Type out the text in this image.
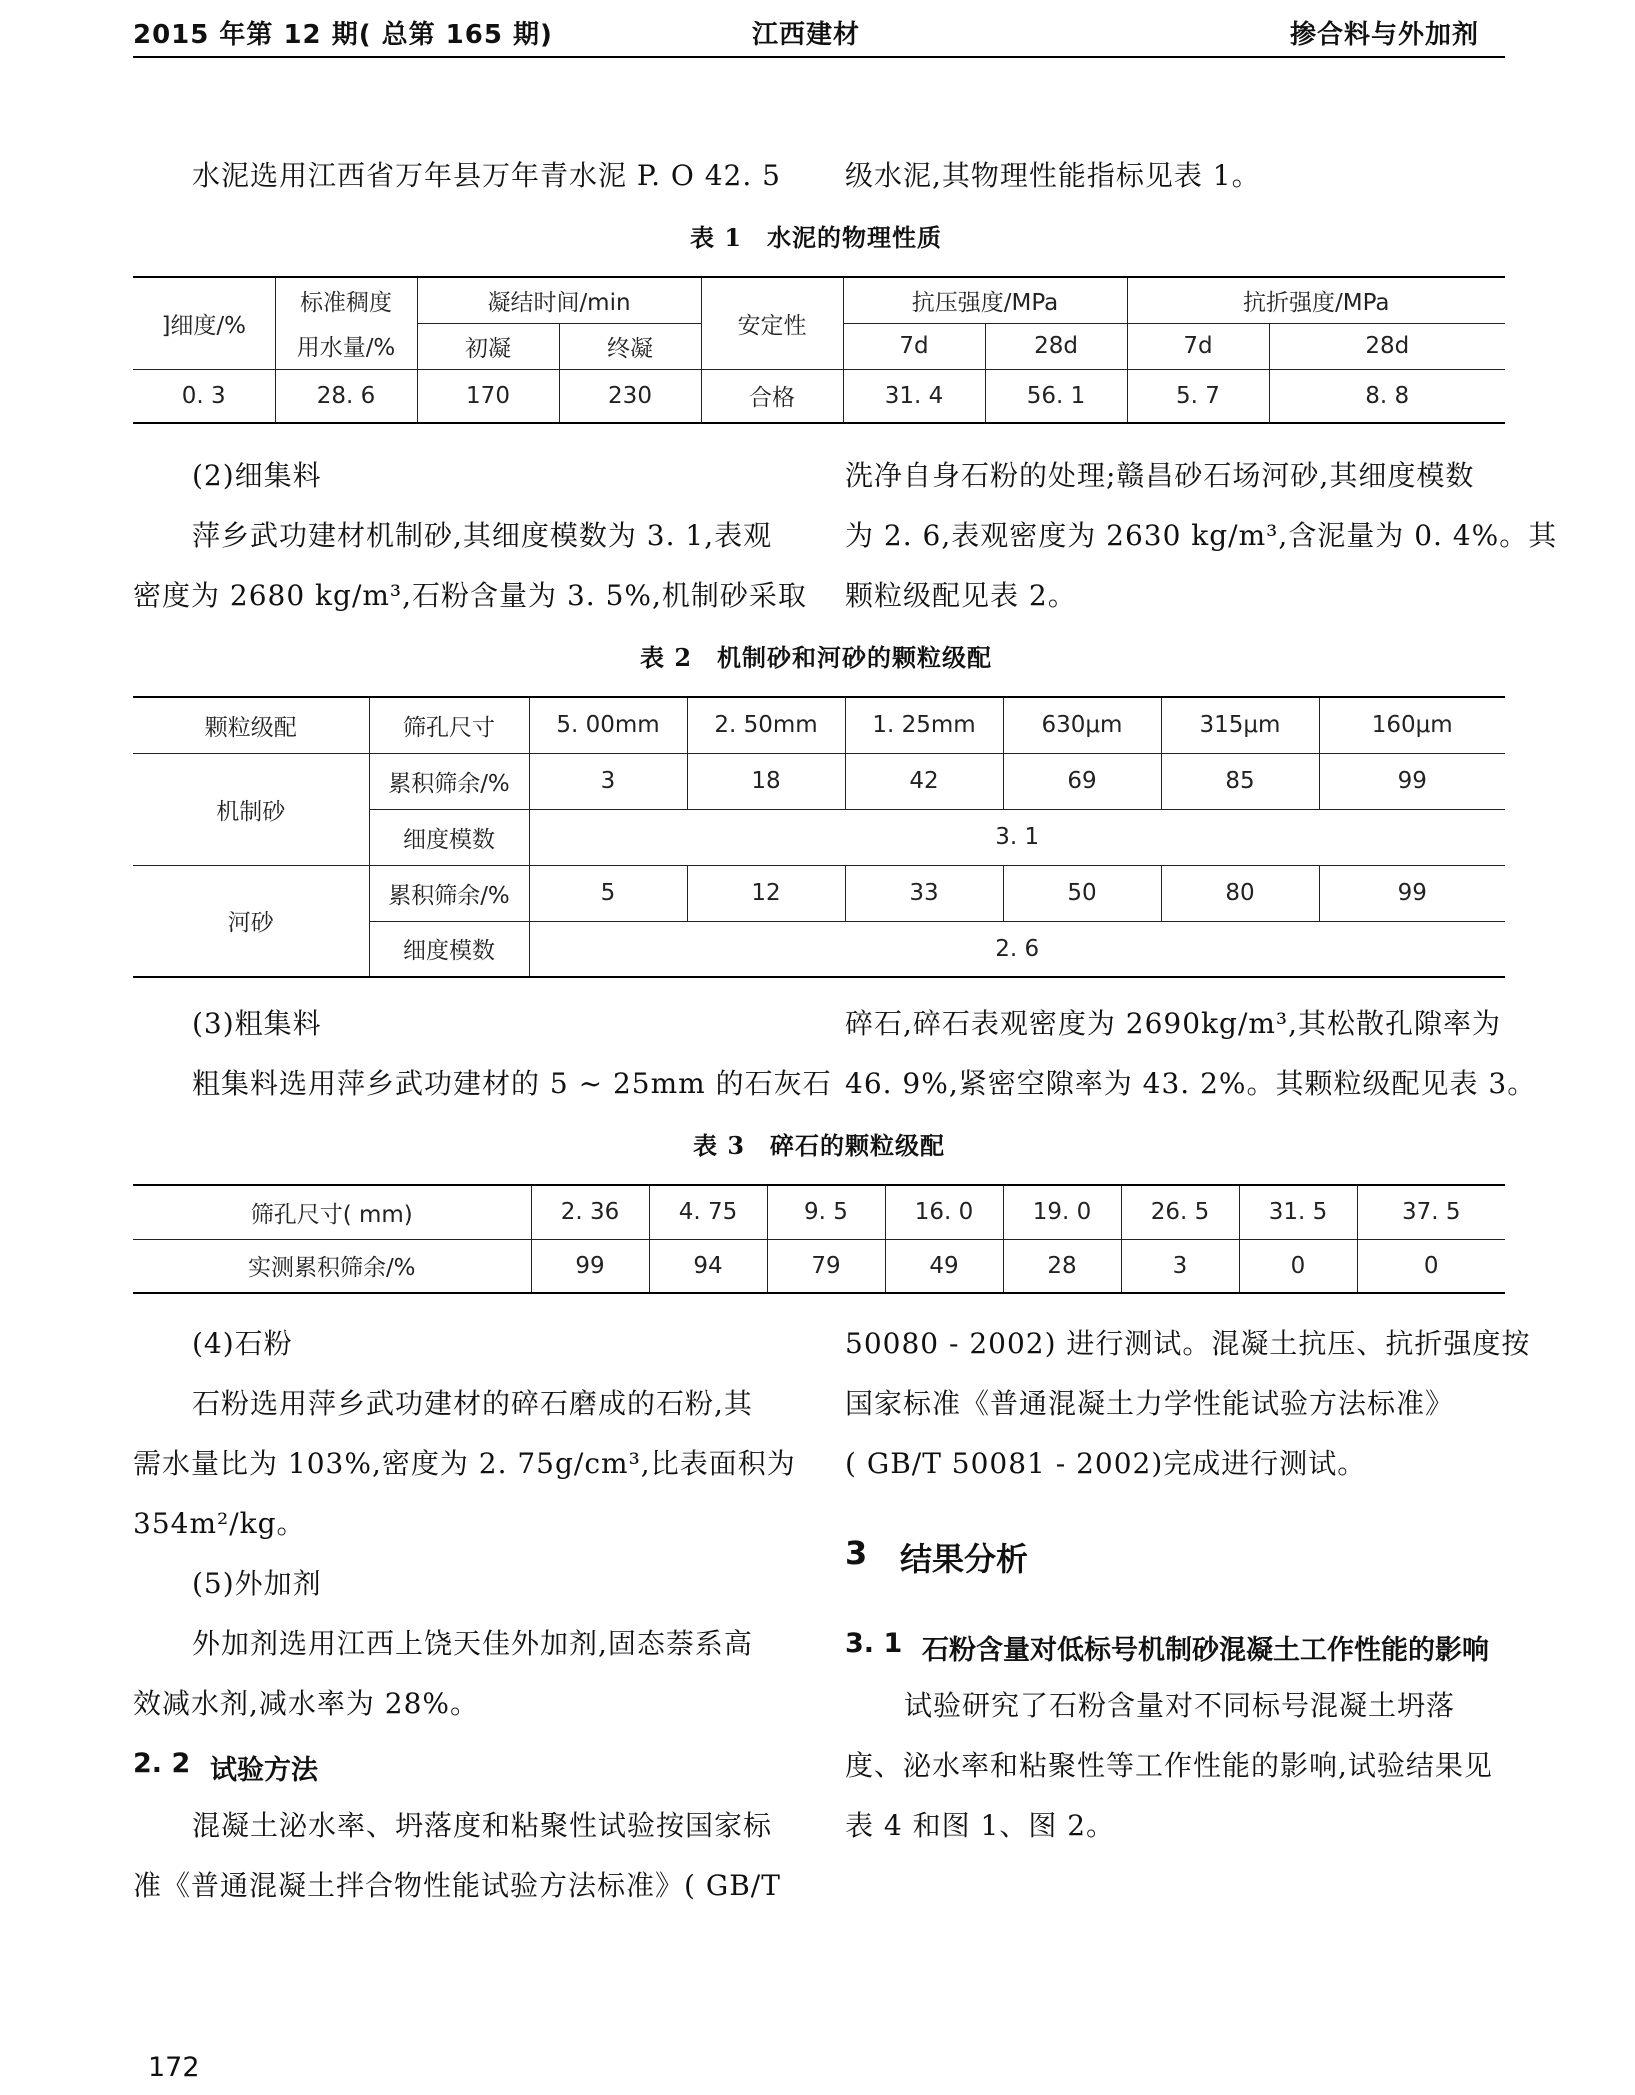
2015 年第 12 期( 总第 165 期)	江西建材	掺合料与外加剂
水泥选用江西省万年县万年青水泥 P. O 42. 5 级水泥,其物理性能指标见表 1。
表 1　水泥的物理性质
]细度/%	标准稠度	凝结时间/min		安定性	抗压强度/MPa		抗折强度/MPa	
	用水量/%	初凝	终凝		7d	28d	7d	28d
0. 3	28. 6	170	230	合格	31. 4	56. 1	5. 7	8. 8
(2)细集料
萍乡武功建材机制砂,其细度模数为 3. 1,表观
密度为 2680 kg/m³,石粉含量为 3. 5%,机制砂采取
洗净自身石粉的处理;赣昌砂石场河砂,其细度模数
为 2. 6,表观密度为 2630 kg/m³,含泥量为 0. 4%。其
颗粒级配见表 2。
表 2　机制砂和河砂的颗粒级配
颗粒级配	筛孔尺寸	5. 00mm	2. 50mm	1. 25mm	630μm	315μm	160μm
机制砂	累积筛余/%	3	18	42	69	85	99
	细度模数	3. 1					
河砂	累积筛余/%	5	12	33	50	80	99
	细度模数	2. 6					
(3)粗集料
粗集料选用萍乡武功建材的 5 ~ 25mm 的石灰石
碎石,碎石表观密度为 2690kg/m³,其松散孔隙率为
46. 9%,紧密空隙率为 43. 2%。其颗粒级配见表 3。
表 3　碎石的颗粒级配
筛孔尺寸( mm)	2. 36	4. 75	9. 5	16. 0	19. 0	26. 5	31. 5	37. 5
实测累积筛余/%	99	94	79	49	28	3	0	0
(4)石粉
石粉选用萍乡武功建材的碎石磨成的石粉,其
需水量比为 103%,密度为 2. 75g/cm³,比表面积为
354m²/kg。
(5)外加剂
外加剂选用江西上饶天佳外加剂,固态萘系高
效减水剂,减水率为 28%。
2. 2 试验方法
混凝土泌水率、坍落度和粘聚性试验按国家标
准《普通混凝土拌合物性能试验方法标准》( GB/T
50080 - 2002) 进行测试。混凝土抗压、抗折强度按
国家标准《普通混凝土力学性能试验方法标准》
( GB/T 50081 - 2002)完成进行测试。
3 结果分析
3. 1 石粉含量对低标号机制砂混凝土工作性能的影响
试验研究了石粉含量对不同标号混凝土坍落
度、泌水率和粘聚性等工作性能的影响,试验结果见
表 4 和图 1、图 2。
172
